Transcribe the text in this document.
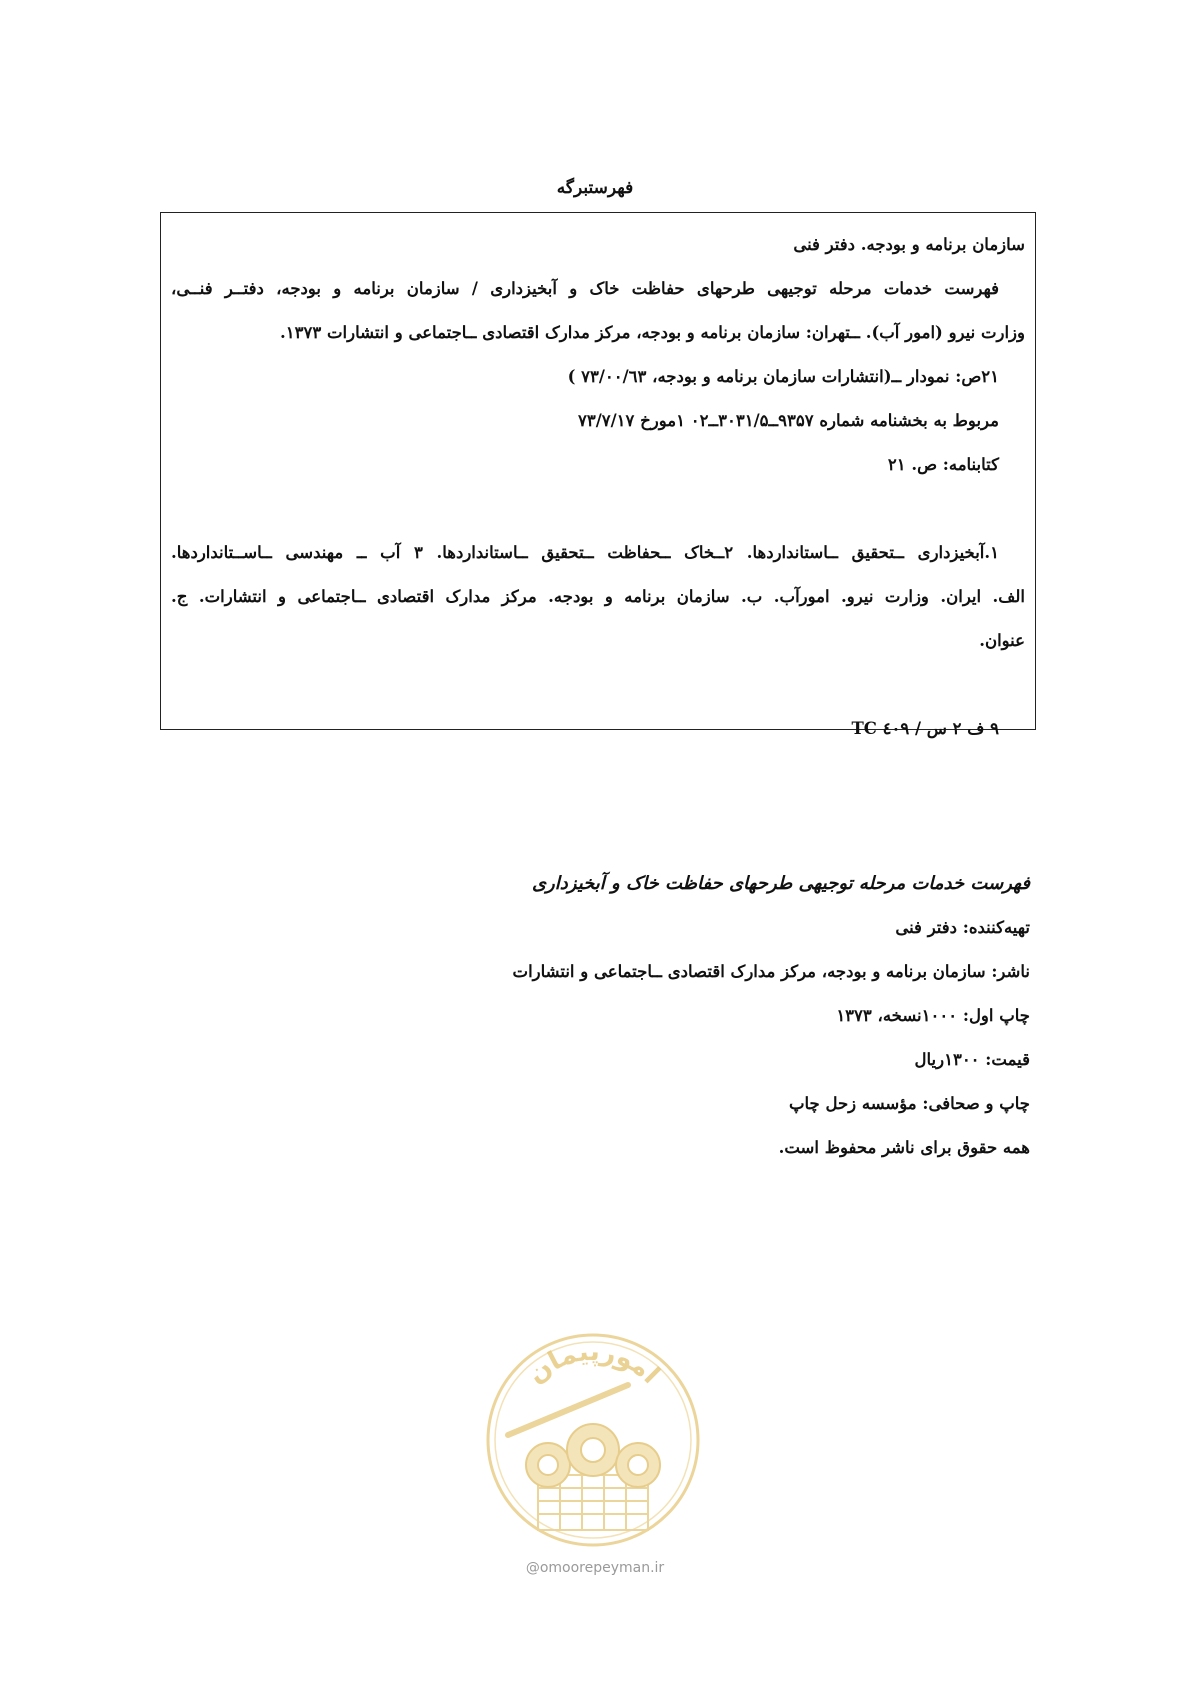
فهرستبرگه
سازمان برنامه و بودجه. دفتر فنی
فهرست خدمات مرحله توجیهی طرحهای حفاظت خاک و آبخیزداری / سازمان برنامه و بودجه، دفتــر فنــی،
وزارت نیرو (امور آب). ــتهران: سازمان برنامه و بودجه، مرکز مدارک اقتصادی ــاجتماعی و انتشارات ۱۳۷۳.
۲۱ص: نمودار ــ(انتشارات سازمان برنامه و بودجه، ۷۳/۰۰/٦۳ )
مربوط به بخشنامه شماره ۹۳۵۷ــ۳۰۳۱/۵ــ۰۲ ۱مورخ ۷۳/۷/۱۷
کتابنامه: ص. ۲۱
۱.آبخیزداری ــتحقیق ــاستانداردها. ۲ــخاک ــحفاظت ــتحقیق ــاستانداردها. ۳ آب ــ مهندسی ــاســتانداردها.
الف. ایران. وزارت نیرو. امورآب. ب. سازمان برنامه و بودجه. مرکز مدارک اقتصادی ــاجتماعی و انتشارات. ج.
عنوان.
۹ ف ۲ س / ٤۰۹ TC
فهرست خدمات مرحله توجیهی طرحهای حفاظت خاک و آبخیزداری
تهیه‌کننده: دفتر فنی
ناشر: سازمان برنامه و بودجه، مرکز مدارک اقتصادی ــاجتماعی و انتشارات
چاپ اول: ۱۰۰۰نسخه، ۱۳۷۳
قیمت: ۱۳۰۰ریال
چاپ و صحافی: مؤسسه زحل چاپ
همه حقوق برای ناشر محفوظ است.
امورپیمان
@omoorepeyman.ir
